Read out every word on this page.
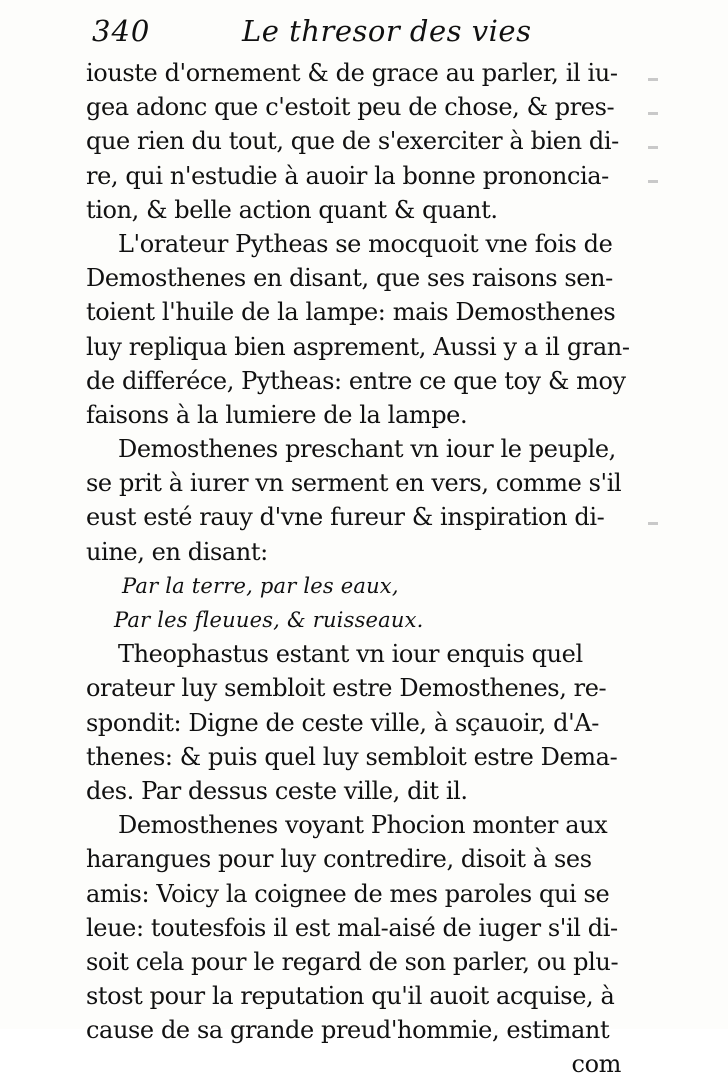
340	Le thresor des vies
iouste d'ornement & de grace au parler, il iu-
gea adonc que c'estoit peu de chose, & pres-
que rien du tout, que de s'exerciter à bien di-
re, qui n'estudie à auoir la bonne prononcia-
tion, & belle action quant & quant.
L'orateur Pytheas se mocquoit vne fois de
Demosthenes en disant, que ses raisons sen-
toient l'huile de la lampe: mais Demosthenes
luy repliqua bien asprement, Aussi y a il gran-
de differéce, Pytheas: entre ce que toy & moy
faisons à la lumiere de la lampe.
Demosthenes preschant vn iour le peuple,
se prit à iurer vn serment en vers, comme s'il
eust esté rauy d'vne fureur & inspiration di-
uine, en disant:
Par la terre, par les eaux,
Par les fleuues, & ruisseaux.
Theophastus estant vn iour enquis quel
orateur luy sembloit estre Demosthenes, re-
spondit: Digne de ceste ville, à sçauoir, d'A-
thenes: & puis quel luy sembloit estre Dema-
des. Par dessus ceste ville, dit il.
Demosthenes voyant Phocion monter aux
harangues pour luy contredire, disoit à ses
amis: Voicy la coignee de mes paroles qui se
leue: toutesfois il est mal-aisé de iuger s'il di-
soit cela pour le regard de son parler, ou plu-
stost pour la reputation qu'il auoit acquise, à
cause de sa grande preud'hommie, estimant
com
